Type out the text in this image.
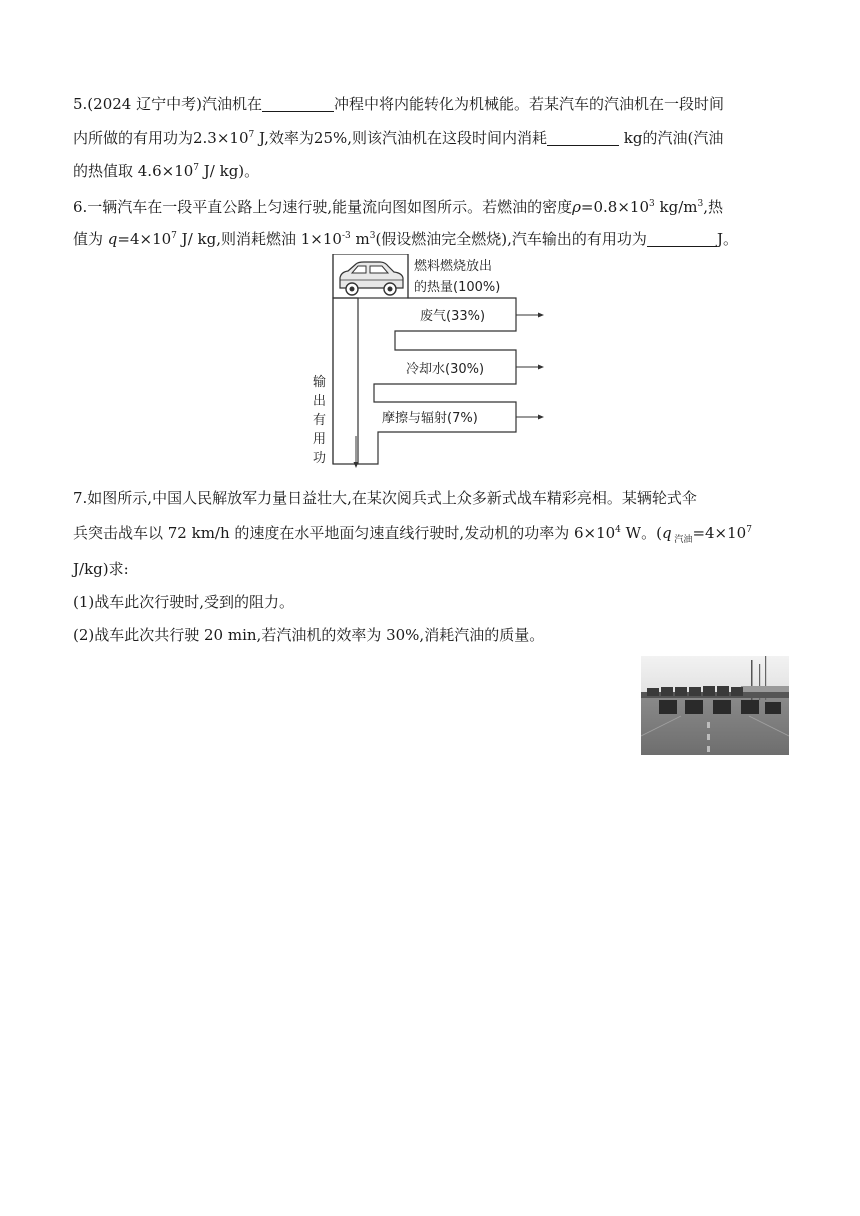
5.(2024 辽宁中考)汽油机在	冲程中将内能转化为机械能。若某汽车的汽油机在一段时间
内所做的有用功为$2.3\times 10^7$ J,效率为25%,则该汽油机在这段时间内消耗	kg的汽油(汽油
的热值取 $4.6\times 10^7$ J/ kg)。
6.一辆汽车在一段平直公路上匀速行驶,能量流向图如图所示。若燃油的密度$\rho=0.8\times 10^3$ $kg/m^3$,热
值为 $q=4\times 10^7$ J/ kg,则消耗燃油 $1\times 10^{-3}$ $m^3$(假设燃油完全燃烧),汽车输出的有用功为	J。
燃料燃烧放出
的热量(100%)
废气(33%)
冷却水(30%)
摩擦与辐射(7%)
输
出
有
用
功
7.如图所示,中国人民解放军力量日益壮大,在某次阅兵式上众多新式战车精彩亮相。某辆轮式伞
兵突击战车以 72 km/h 的速度在水平地面匀速直线行驶时,发动机的功率为 $6\times 10^4$ W。(q $_{汽油}=4\times 10^7$
J/kg)求:
(1)战车此次行驶时,受到的阻力。
(2)战车此次共行驶 20 min,若汽油机的效率为 30%,消耗汽油的质量。
